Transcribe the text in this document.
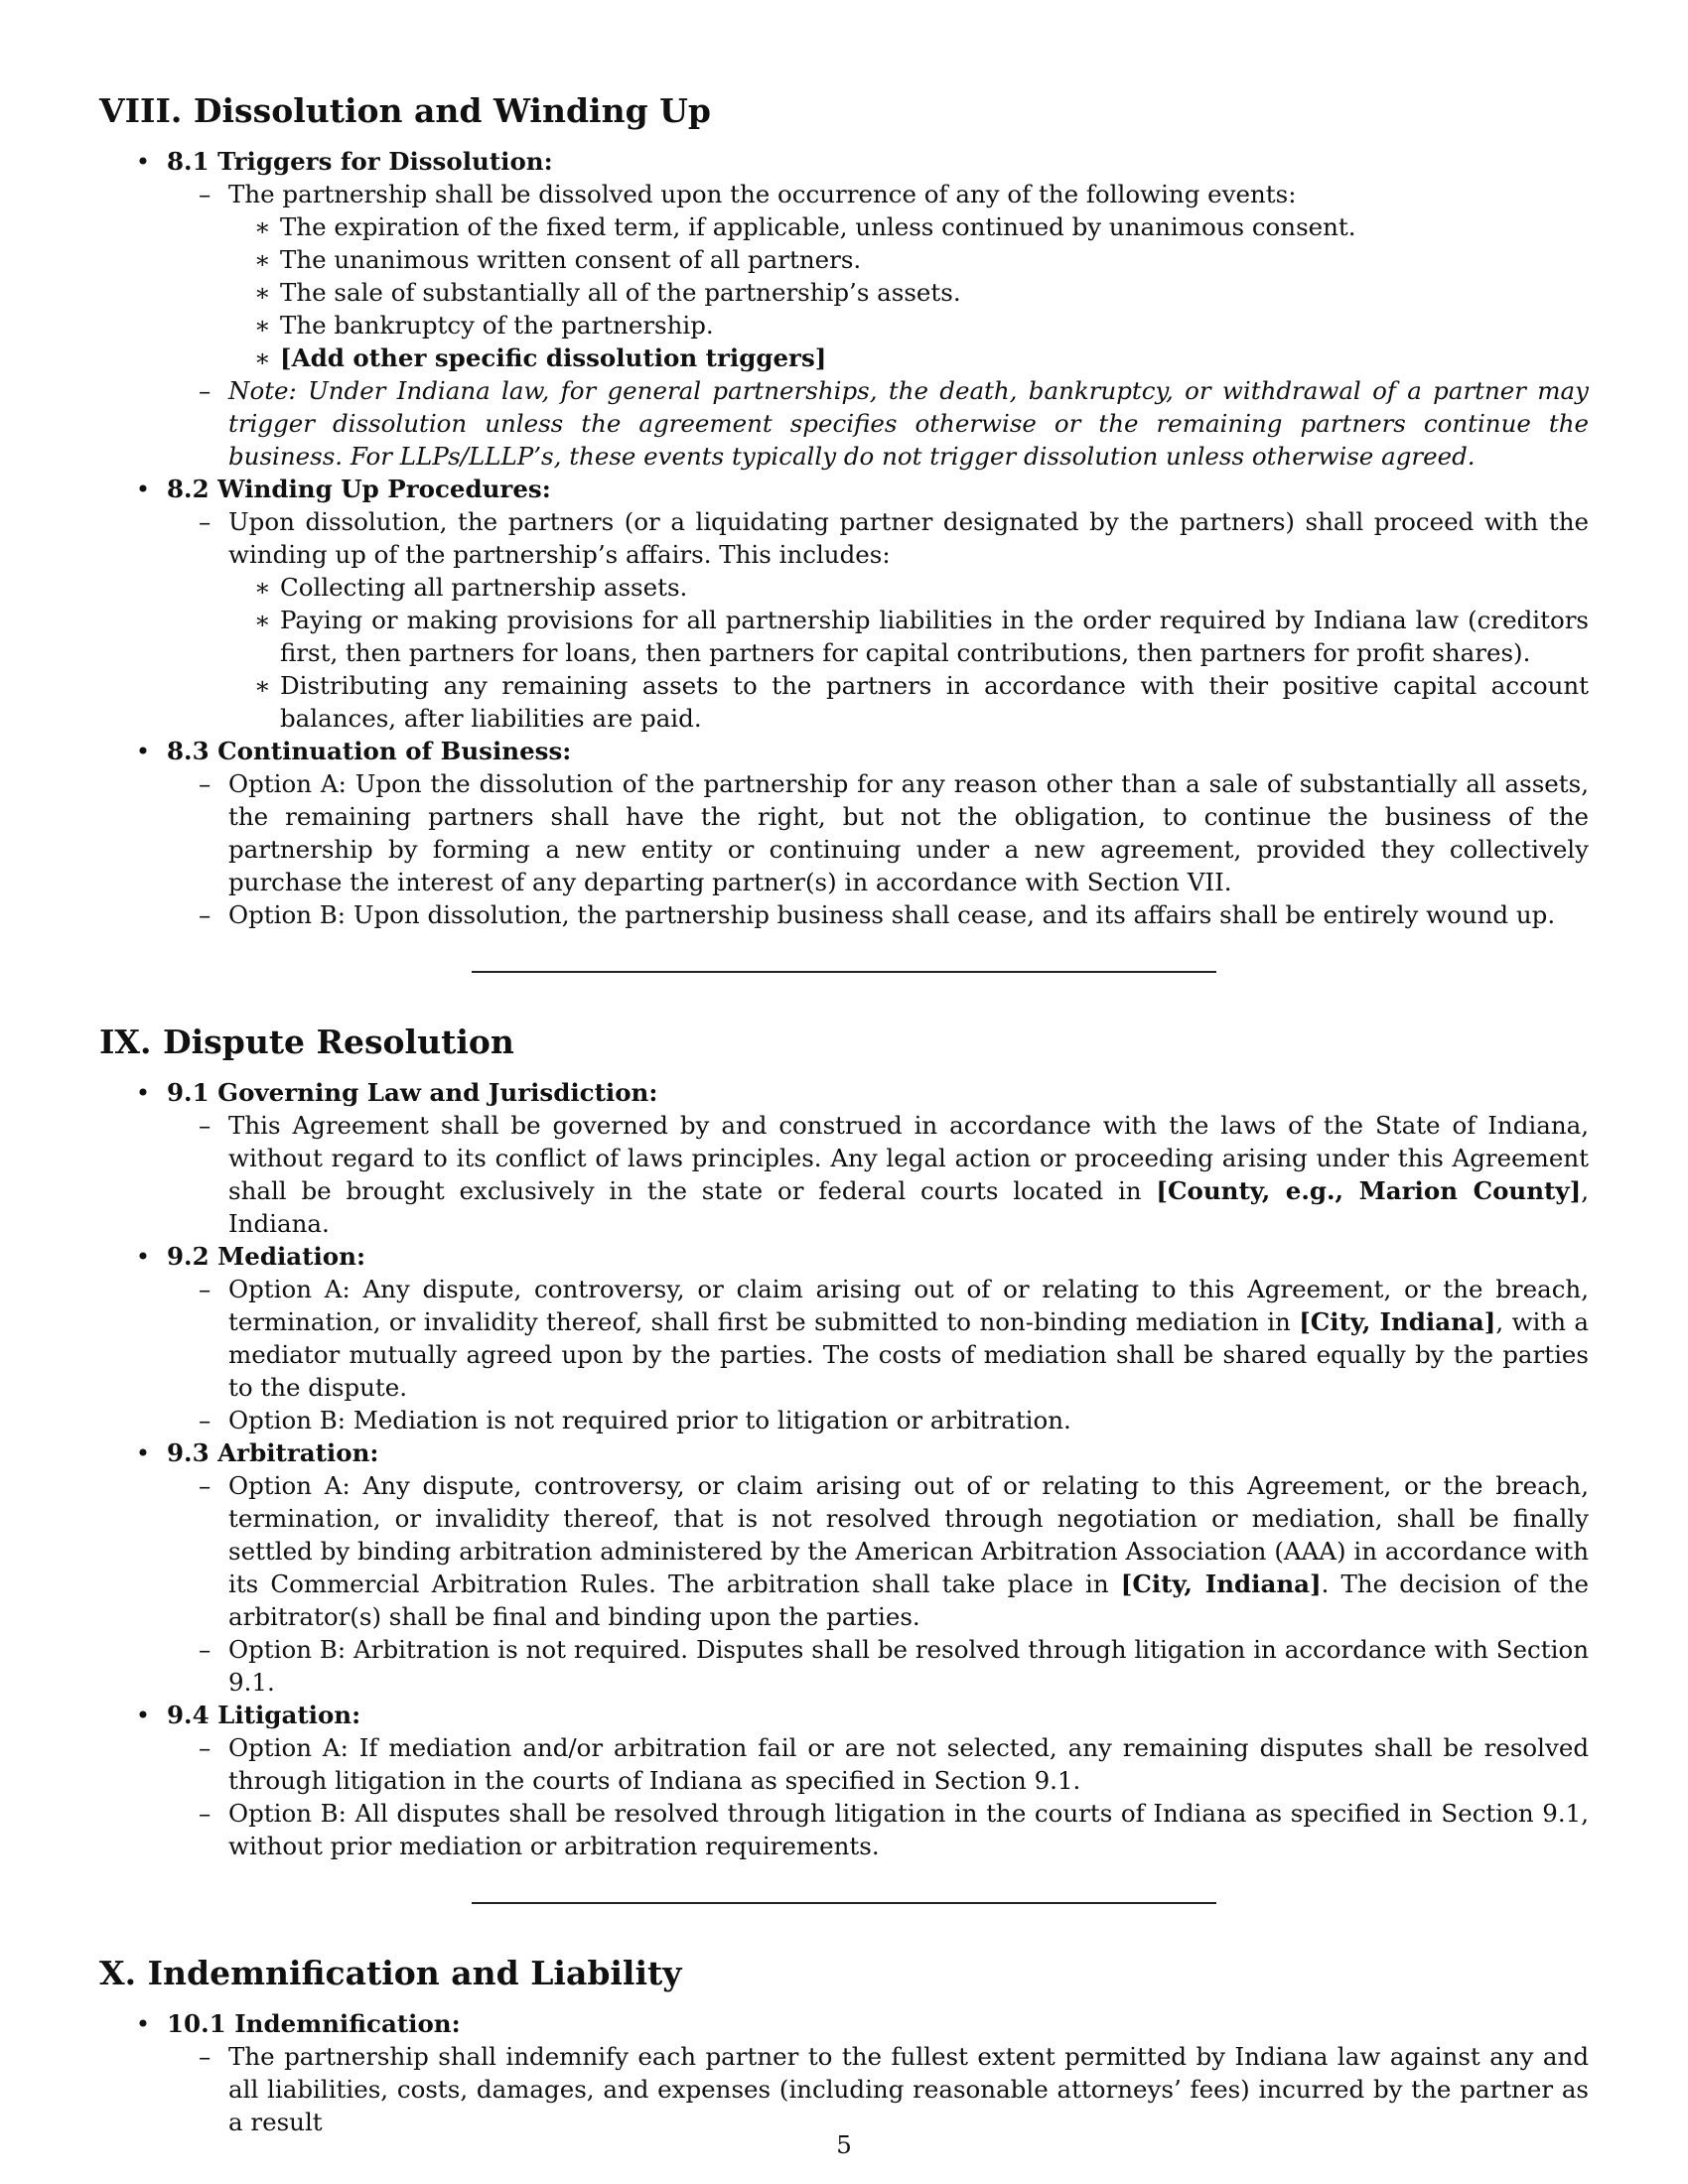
VIII. Dissolution and Winding Up
• 8.1 Triggers for Dissolution:
– The partnership shall be dissolved upon the occurrence of any of the following events:
∗ The expiration of the fixed term, if applicable, unless continued by unanimous consent.
∗ The unanimous written consent of all partners.
∗ The sale of substantially all of the partnership’s assets.
∗ The bankruptcy of the partnership.
∗ [Add other specific dissolution triggers]
– Note: Under Indiana law, for general partnerships, the death, bankruptcy, or withdrawal of a partner may trigger dissolution unless the agreement specifies otherwise or the remaining partners continue the business. For LLPs/LLLP’s, these events typically do not trigger dissolution unless otherwise agreed.
• 8.2 Winding Up Procedures:
– Upon dissolution, the partners (or a liquidating partner designated by the partners) shall proceed with the winding up of the partnership’s affairs. This includes:
∗ Collecting all partnership assets.
∗ Paying or making provisions for all partnership liabilities in the order required by Indiana law (creditors first, then partners for loans, then partners for capital contributions, then partners for profit shares).
∗ Distributing any remaining assets to the partners in accordance with their positive capital account balances, after liabilities are paid.
• 8.3 Continuation of Business:
– Option A: Upon the dissolution of the partnership for any reason other than a sale of substantially all assets, the remaining partners shall have the right, but not the obligation, to continue the business of the partnership by forming a new entity or continuing under a new agreement, provided they collectively purchase the interest of any departing partner(s) in accordance with Section VII.
– Option B: Upon dissolution, the partnership business shall cease, and its affairs shall be entirely wound up.
IX. Dispute Resolution
• 9.1 Governing Law and Jurisdiction:
– This Agreement shall be governed by and construed in accordance with the laws of the State of Indiana, without regard to its conflict of laws principles. Any legal action or proceeding arising under this Agreement shall be brought exclusively in the state or federal courts located in [County, e.g., Marion County], Indiana.
• 9.2 Mediation:
– Option A: Any dispute, controversy, or claim arising out of or relating to this Agreement, or the breach, termination, or invalidity thereof, shall first be submitted to non-binding mediation in [City, Indiana], with a mediator mutually agreed upon by the parties. The costs of mediation shall be shared equally by the parties to the dispute.
– Option B: Mediation is not required prior to litigation or arbitration.
• 9.3 Arbitration:
– Option A: Any dispute, controversy, or claim arising out of or relating to this Agreement, or the breach, termination, or invalidity thereof, that is not resolved through negotiation or mediation, shall be finally settled by binding arbitration administered by the American Arbitration Association (AAA) in accordance with its Commercial Arbitration Rules. The arbitration shall take place in [City, Indiana]. The decision of the arbitrator(s) shall be final and binding upon the parties.
– Option B: Arbitration is not required. Disputes shall be resolved through litigation in accordance with Section 9.1.
• 9.4 Litigation:
– Option A: If mediation and/or arbitration fail or are not selected, any remaining disputes shall be resolved through litigation in the courts of Indiana as specified in Section 9.1.
– Option B: All disputes shall be resolved through litigation in the courts of Indiana as specified in Section 9.1, without prior mediation or arbitration requirements.
X. Indemnification and Liability
• 10.1 Indemnification:
– The partnership shall indemnify each partner to the fullest extent permitted by Indiana law against any and all liabilities, costs, damages, and expenses (including reasonable attorneys’ fees) incurred by the partner as a result
5
